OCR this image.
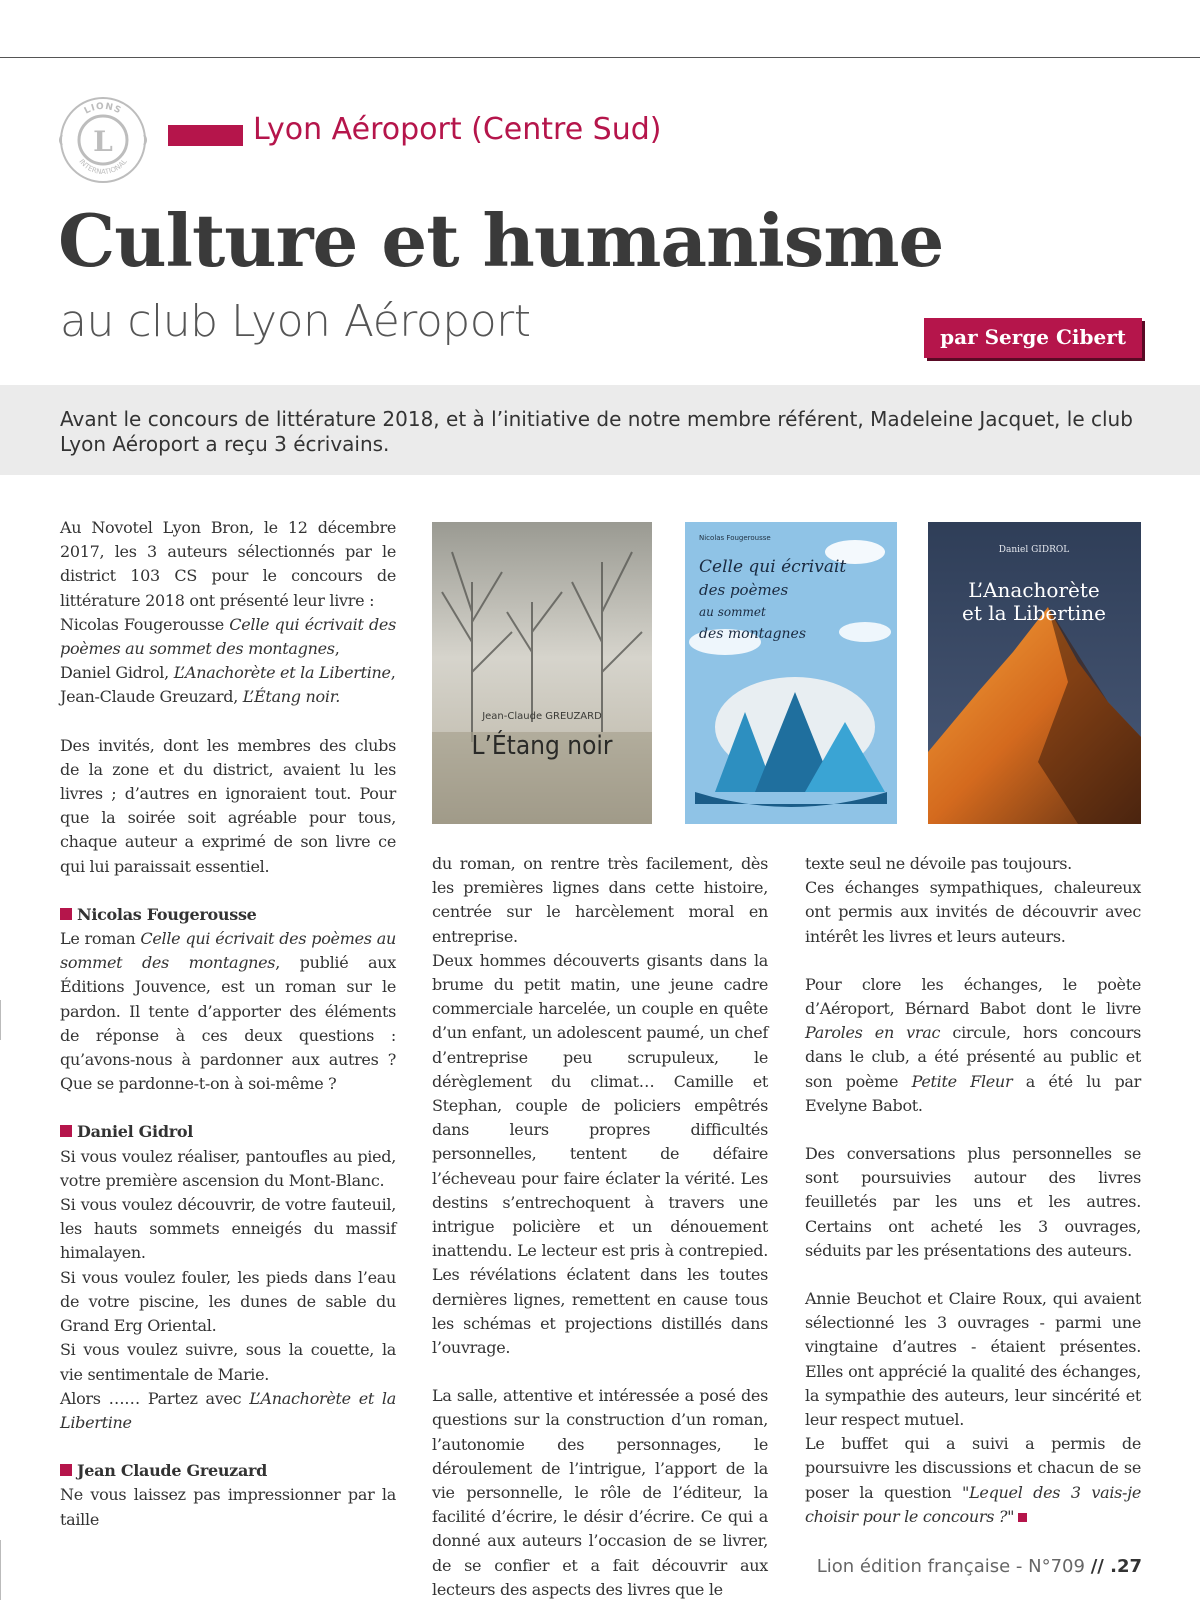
L
LIONS
INTERNATIONAL
Lyon Aéroport (Centre Sud)
Culture et humanisme
au club Lyon Aéroport	par Serge Cibert

Avant le concours de littérature 2018, et à l’initiative de notre membre référent, Madeleine Jacquet, le club Lyon Aéroport a reçu 3 écrivains.

Au Novotel Lyon Bron, le 12 décembre 2017, les 3 auteurs sélectionnés par le district 103 CS pour le concours de littérature 2018 ont présenté leur livre :
Nicolas Fougerousse Celle qui écrivait des poèmes au sommet des montagnes,
Daniel Gidrol, L’Anachorète et la Libertine,
Jean-Claude Greuzard, L’Étang noir.

Des invités, dont les membres des clubs de la zone et du district, avaient lu les livres ; d’autres en ignoraient tout. Pour que la soirée soit agréable pour tous, chaque auteur a exprimé de son livre ce qui lui paraissait essentiel.

Nicolas Fougerousse

Le roman Celle qui écrivait des poèmes au sommet des montagnes, publié aux Éditions Jouvence, est un roman sur le pardon. Il tente d’apporter des éléments de réponse à ces deux questions : qu’avons-nous à pardonner aux autres ? Que se pardonne-t-on à soi-même ?

Daniel Gidrol

Si vous voulez réaliser, pantoufles au pied, votre première ascension du Mont-Blanc.

Si vous voulez découvrir, de votre fauteuil, les hauts sommets enneigés du massif himalayen.

Si vous voulez fouler, les pieds dans l’eau de votre piscine, les dunes de sable du Grand Erg Oriental.

Si vous voulez suivre, sous la couette, la vie sentimentale de Marie.

Alors …… Partez avec L’Anachorète et la Libertine

Jean Claude Greuzard

Ne vous laissez pas impressionner par la taille

Jean-Claude GREUZARD
L’Étang noir
Nicolas Fougerousse
Celle qui écrivait
des poèmes
au sommet
des montagnes
Daniel GIDROL
L’Anachorète
et la Libertine

du roman, on rentre très facilement, dès les premières lignes dans cette histoire, centrée sur le harcèlement moral en entreprise.

Deux hommes découverts gisants dans la brume du petit matin, une jeune cadre commerciale harcelée, un couple en quête d’un enfant, un adolescent paumé, un chef d’entreprise peu scrupuleux, le dérèglement du climat… Camille et Stephan, couple de policiers empêtrés dans leurs propres difficultés personnelles, tentent de défaire l’écheveau pour faire éclater la vérité. Les destins s’entrechoquent à travers une intrigue policière et un dénouement inattendu. Le lecteur est pris à contrepied. Les révélations éclatent dans les toutes dernières lignes, remettent en cause tous les schémas et projections distillés dans l’ouvrage.

La salle, attentive et intéressée a posé des questions sur la construction d’un roman, l’autonomie des personnages, le déroulement de l’intrigue, l’apport de la vie personnelle, le rôle de l’éditeur, la facilité d’écrire, le désir d’écrire. Ce qui a donné aux auteurs l’occasion de se livrer, de se confier et a fait découvrir aux lecteurs des aspects des livres que le

texte seul ne dévoile pas toujours.

Ces échanges sympathiques, chaleureux ont permis aux invités de découvrir avec intérêt les livres et leurs auteurs.

Pour clore les échanges, le poète d’Aéroport, Bérnard Babot dont le livre Paroles en vrac circule, hors concours dans le club, a été présenté au public et son poème Petite Fleur a été lu par Evelyne Babot.

Des conversations plus personnelles se sont poursuivies autour des livres feuilletés par les uns et les autres. Certains ont acheté les 3 ouvrages, séduits par les présentations des auteurs.

Annie Beuchot et Claire Roux, qui avaient sélectionné les 3 ouvrages - parmi une vingtaine d’autres - étaient présentes. Elles ont apprécié la qualité des échanges, la sympathie des auteurs, leur sincérité et leur respect mutuel.

Le buffet qui a suivi a permis de poursuivre les discussions et chacun de se poser la question "Lequel des 3 vais-je choisir pour le concours ?"

Lion édition française - N°709 // .27
